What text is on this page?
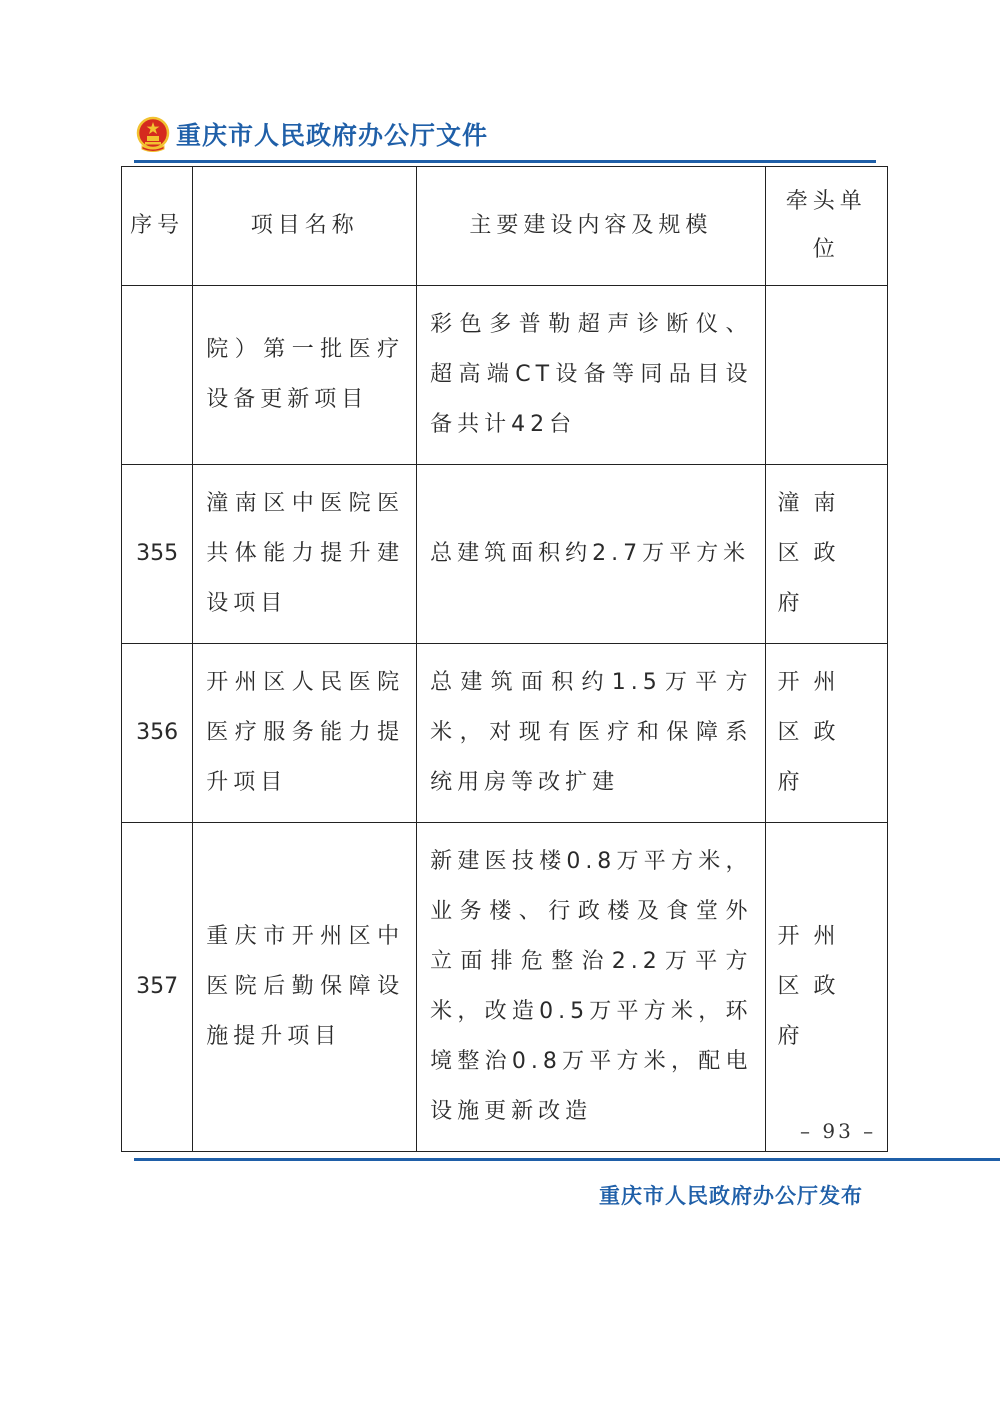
重庆市人民政府办公厅文件
序号	项目名称	主要建设内容及规模	牵头单位

	院）第一批医疗设备更新项目	彩色多普勒超声诊断仪、超高端CT设备等同品目设备共计42台	
355	潼南区中医院医共体能力提升建设项目	总建筑面积约2.7万平方米	潼南区政府
356	开州区人民医院医疗服务能力提升项目	总建筑面积约1.5万平方米，对现有医疗和保障系统用房等改扩建	开州区政府
357	重庆市开州区中医院后勤保障设施提升项目	新建医技楼0.8万平方米，业务楼、行政楼及食堂外立面排危整治2.2万平方米，改造0.5万平方米，环境整治0.8万平方米，配电设施更新改造	开州区政府
– 93 –
重庆市人民政府办公厅发布
